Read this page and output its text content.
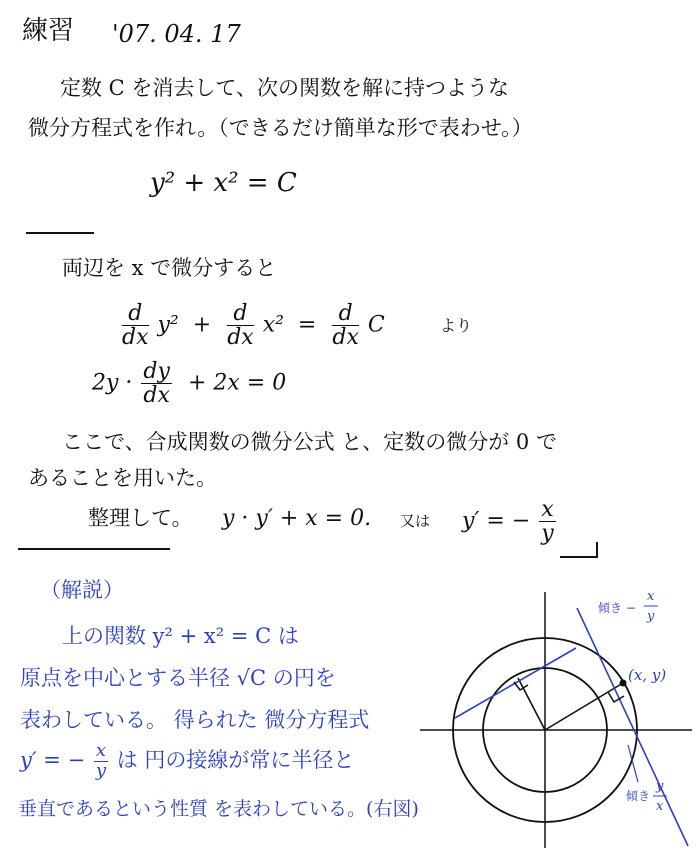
練習 '07. 04. 17
定数 C を消去して、次の関数を解に持つような
微分方程式を作れ。（できるだけ簡単な形で表わせ。）
y² + x² = C
両辺を x で微分すると
$\frac{d}{dx} y^2 + \frac{d}{dx} x^2 = \frac{d}{dx}$ C	より
$2y \cdot \frac{dy}{dx} + 2x = 0$
ここで、合成関数の微分公式 と、定数の微分が 0 で
あることを用いた。
整理して。 y · y′ + x = 0. 又は y′ = − $\frac{x}{y}$
（解説）
上の関数 y² + x² = C は
原点を中心とする半径 √C の円を
表わしている。 得られた 微分方程式
y′ = − $\frac{x}{y}$ は 円の接線が常に半径と
垂直であるという性質 を表わしている。(右図)
(x, y)
傾き −
x
y
傾き
y
x
